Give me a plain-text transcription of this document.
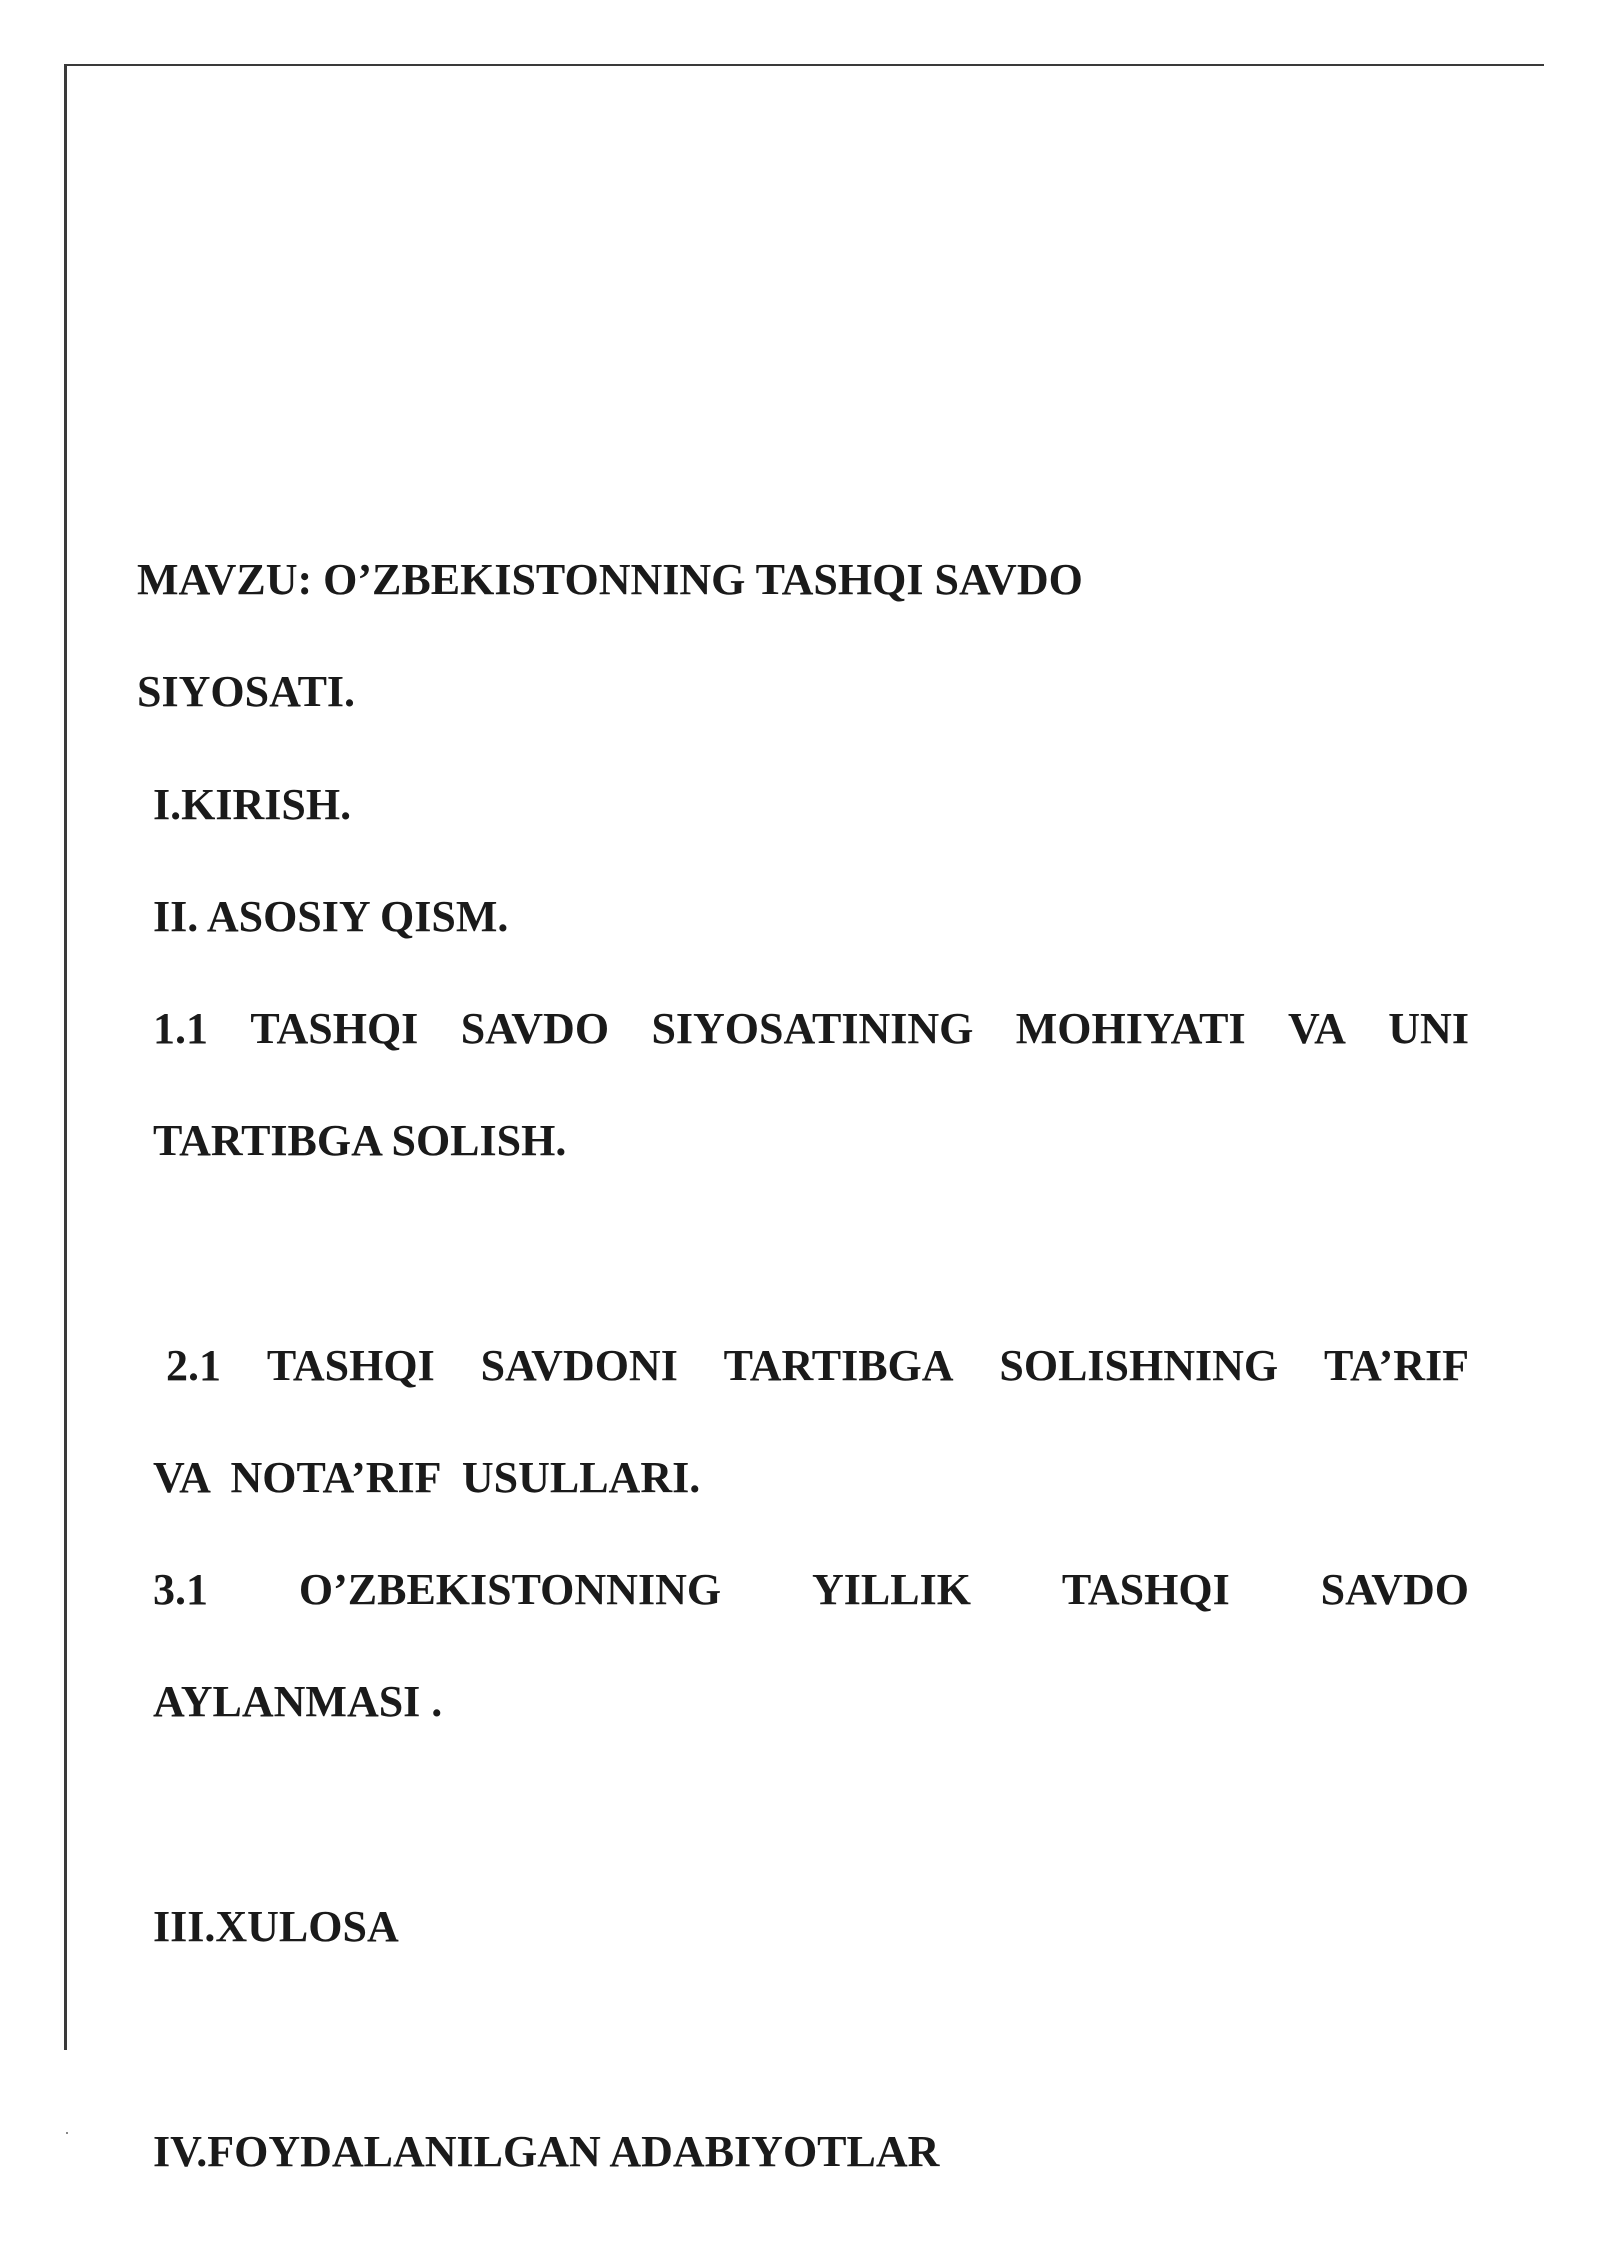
MAVZU: O’ZBEKISTONNING TASHQI SAVDO
SIYOSATI.
I.KIRISH.
II. ASOSIY QISM.
1.1 TASHQI SAVDO SIYOSATINING MOHIYATI VA UNI
TARTIBGA SOLISH.
2.1 TASHQI SAVDONI TARTIBGA SOLISHNING TA’RIF
VA  NOTA’RIF  USULLARI.
3.1 O’ZBEKISTONNING YILLIK TASHQI SAVDO
AYLANMASI .
III.XULOSA
IV.FOYDALANILGAN ADABIYOTLAR
